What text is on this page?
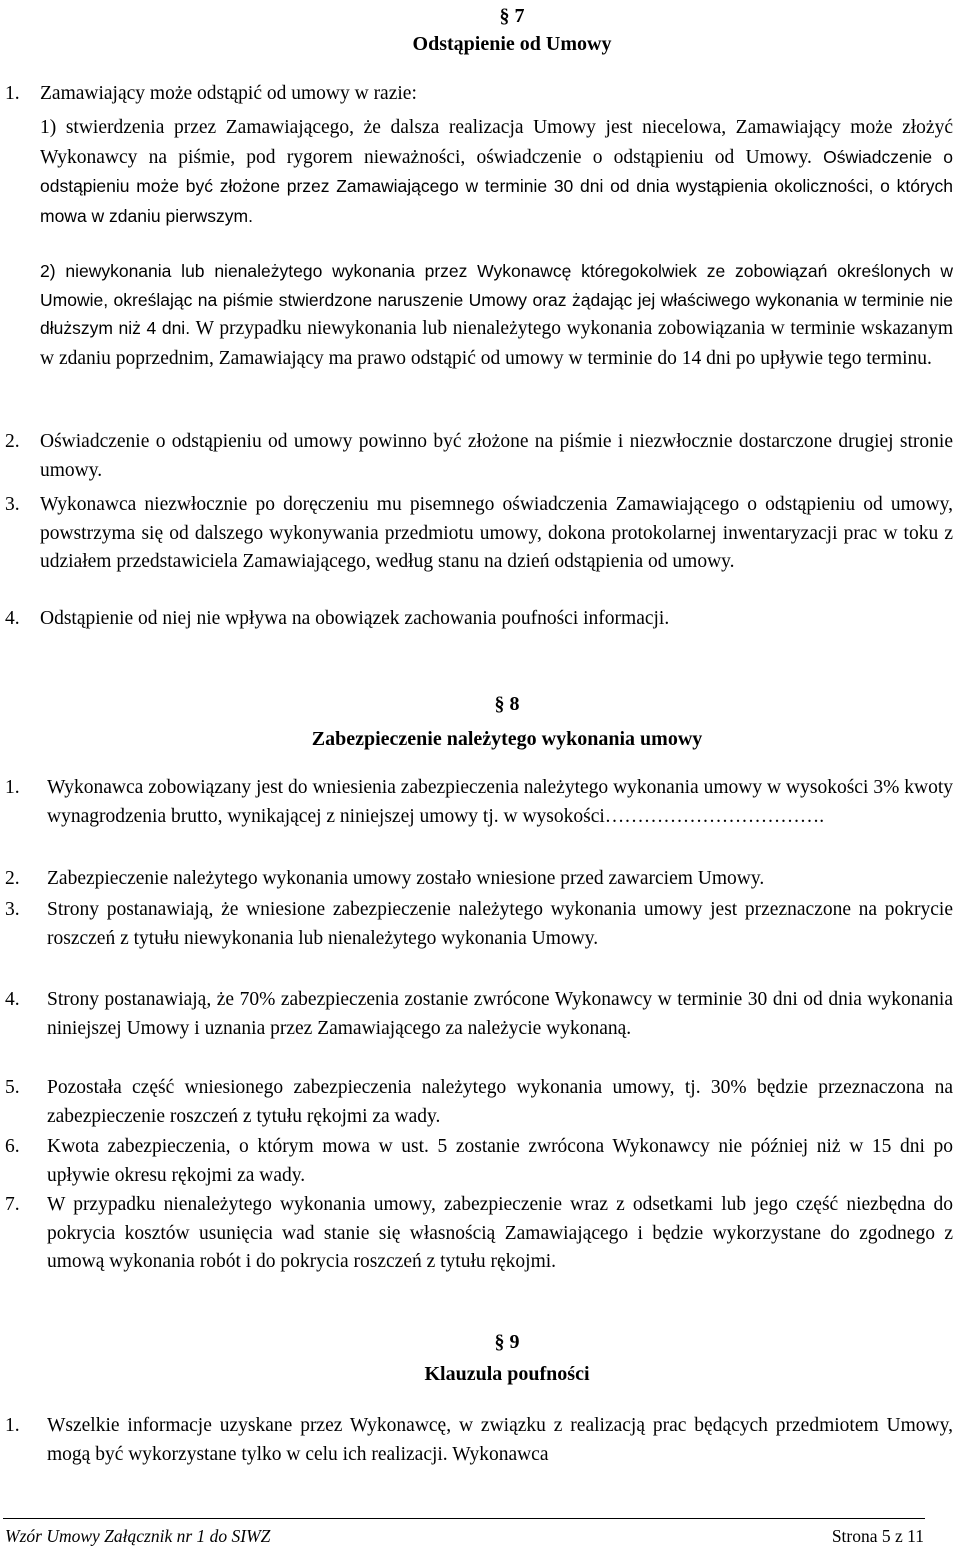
§ 7
Odstąpienie od Umowy
1. Zamawiający może odstąpić od umowy w razie:
1) stwierdzenia przez Zamawiającego, że dalsza realizacja Umowy jest niecelowa, Zamawiający może złożyć Wykonawcy na piśmie, pod rygorem nieważności, oświadczenie o odstąpieniu od Umowy. Oświadczenie o odstąpieniu może być złożone przez Zamawiającego w terminie 30 dni od dnia wystąpienia okoliczności, o których mowa w zdaniu pierwszym.
2) niewykonania lub nienależytego wykonania przez Wykonawcę któregokolwiek ze zobowiązań określonych w Umowie, określając na piśmie stwierdzone naruszenie Umowy oraz żądając jej właściwego wykonania w terminie nie dłuższym niż 4 dni. W przypadku niewykonania lub nienależytego wykonania zobowiązania w terminie wskazanym w zdaniu poprzednim, Zamawiający ma prawo odstąpić od umowy w terminie do 14 dni po upływie tego terminu.
2. Oświadczenie o odstąpieniu od umowy powinno być złożone na piśmie i niezwłocznie dostarczone drugiej stronie umowy.
3. Wykonawca niezwłocznie po doręczeniu mu pisemnego oświadczenia Zamawiającego o odstąpieniu od umowy, powstrzyma się od dalszego wykonywania przedmiotu umowy, dokona protokolarnej inwentaryzacji prac w toku z udziałem przedstawiciela Zamawiającego, według stanu na dzień odstąpienia od umowy.
4. Odstąpienie od niej nie wpływa na obowiązek zachowania poufności informacji.
§ 8
Zabezpieczenie należytego wykonania umowy
1. Wykonawca zobowiązany jest do wniesienia zabezpieczenia należytego wykonania umowy w wysokości 3% kwoty wynagrodzenia brutto, wynikającej z niniejszej umowy tj. w wysokości…………………………….
2. Zabezpieczenie należytego wykonania umowy zostało wniesione przed zawarciem Umowy.
3. Strony postanawiają, że wniesione zabezpieczenie należytego wykonania umowy jest przeznaczone na pokrycie roszczeń z tytułu niewykonania lub nienależytego wykonania Umowy.
4. Strony postanawiają, że 70% zabezpieczenia zostanie zwrócone Wykonawcy w terminie 30 dni od dnia wykonania niniejszej Umowy i uznania przez Zamawiającego za należycie wykonaną.
5. Pozostała część wniesionego zabezpieczenia należytego wykonania umowy, tj. 30% będzie przeznaczona na zabezpieczenie roszczeń z tytułu rękojmi za wady.
6. Kwota zabezpieczenia, o którym mowa w ust. 5 zostanie zwrócona Wykonawcy nie później niż w 15 dni po upływie okresu rękojmi za wady.
7. W przypadku nienależytego wykonania umowy, zabezpieczenie wraz z odsetkami lub jego część niezbędna do pokrycia kosztów usunięcia wad stanie się własnością Zamawiającego i będzie wykorzystane do zgodnego z umową wykonania robót i do pokrycia roszczeń z tytułu rękojmi.
§ 9
Klauzula poufności
1. Wszelkie informacje uzyskane przez Wykonawcę, w związku z realizacją prac będących przedmiotem Umowy, mogą być wykorzystane tylko w celu ich realizacji. Wykonawca
Wzór Umowy Załącznik nr 1 do SIWZ	Strona 5 z 11
